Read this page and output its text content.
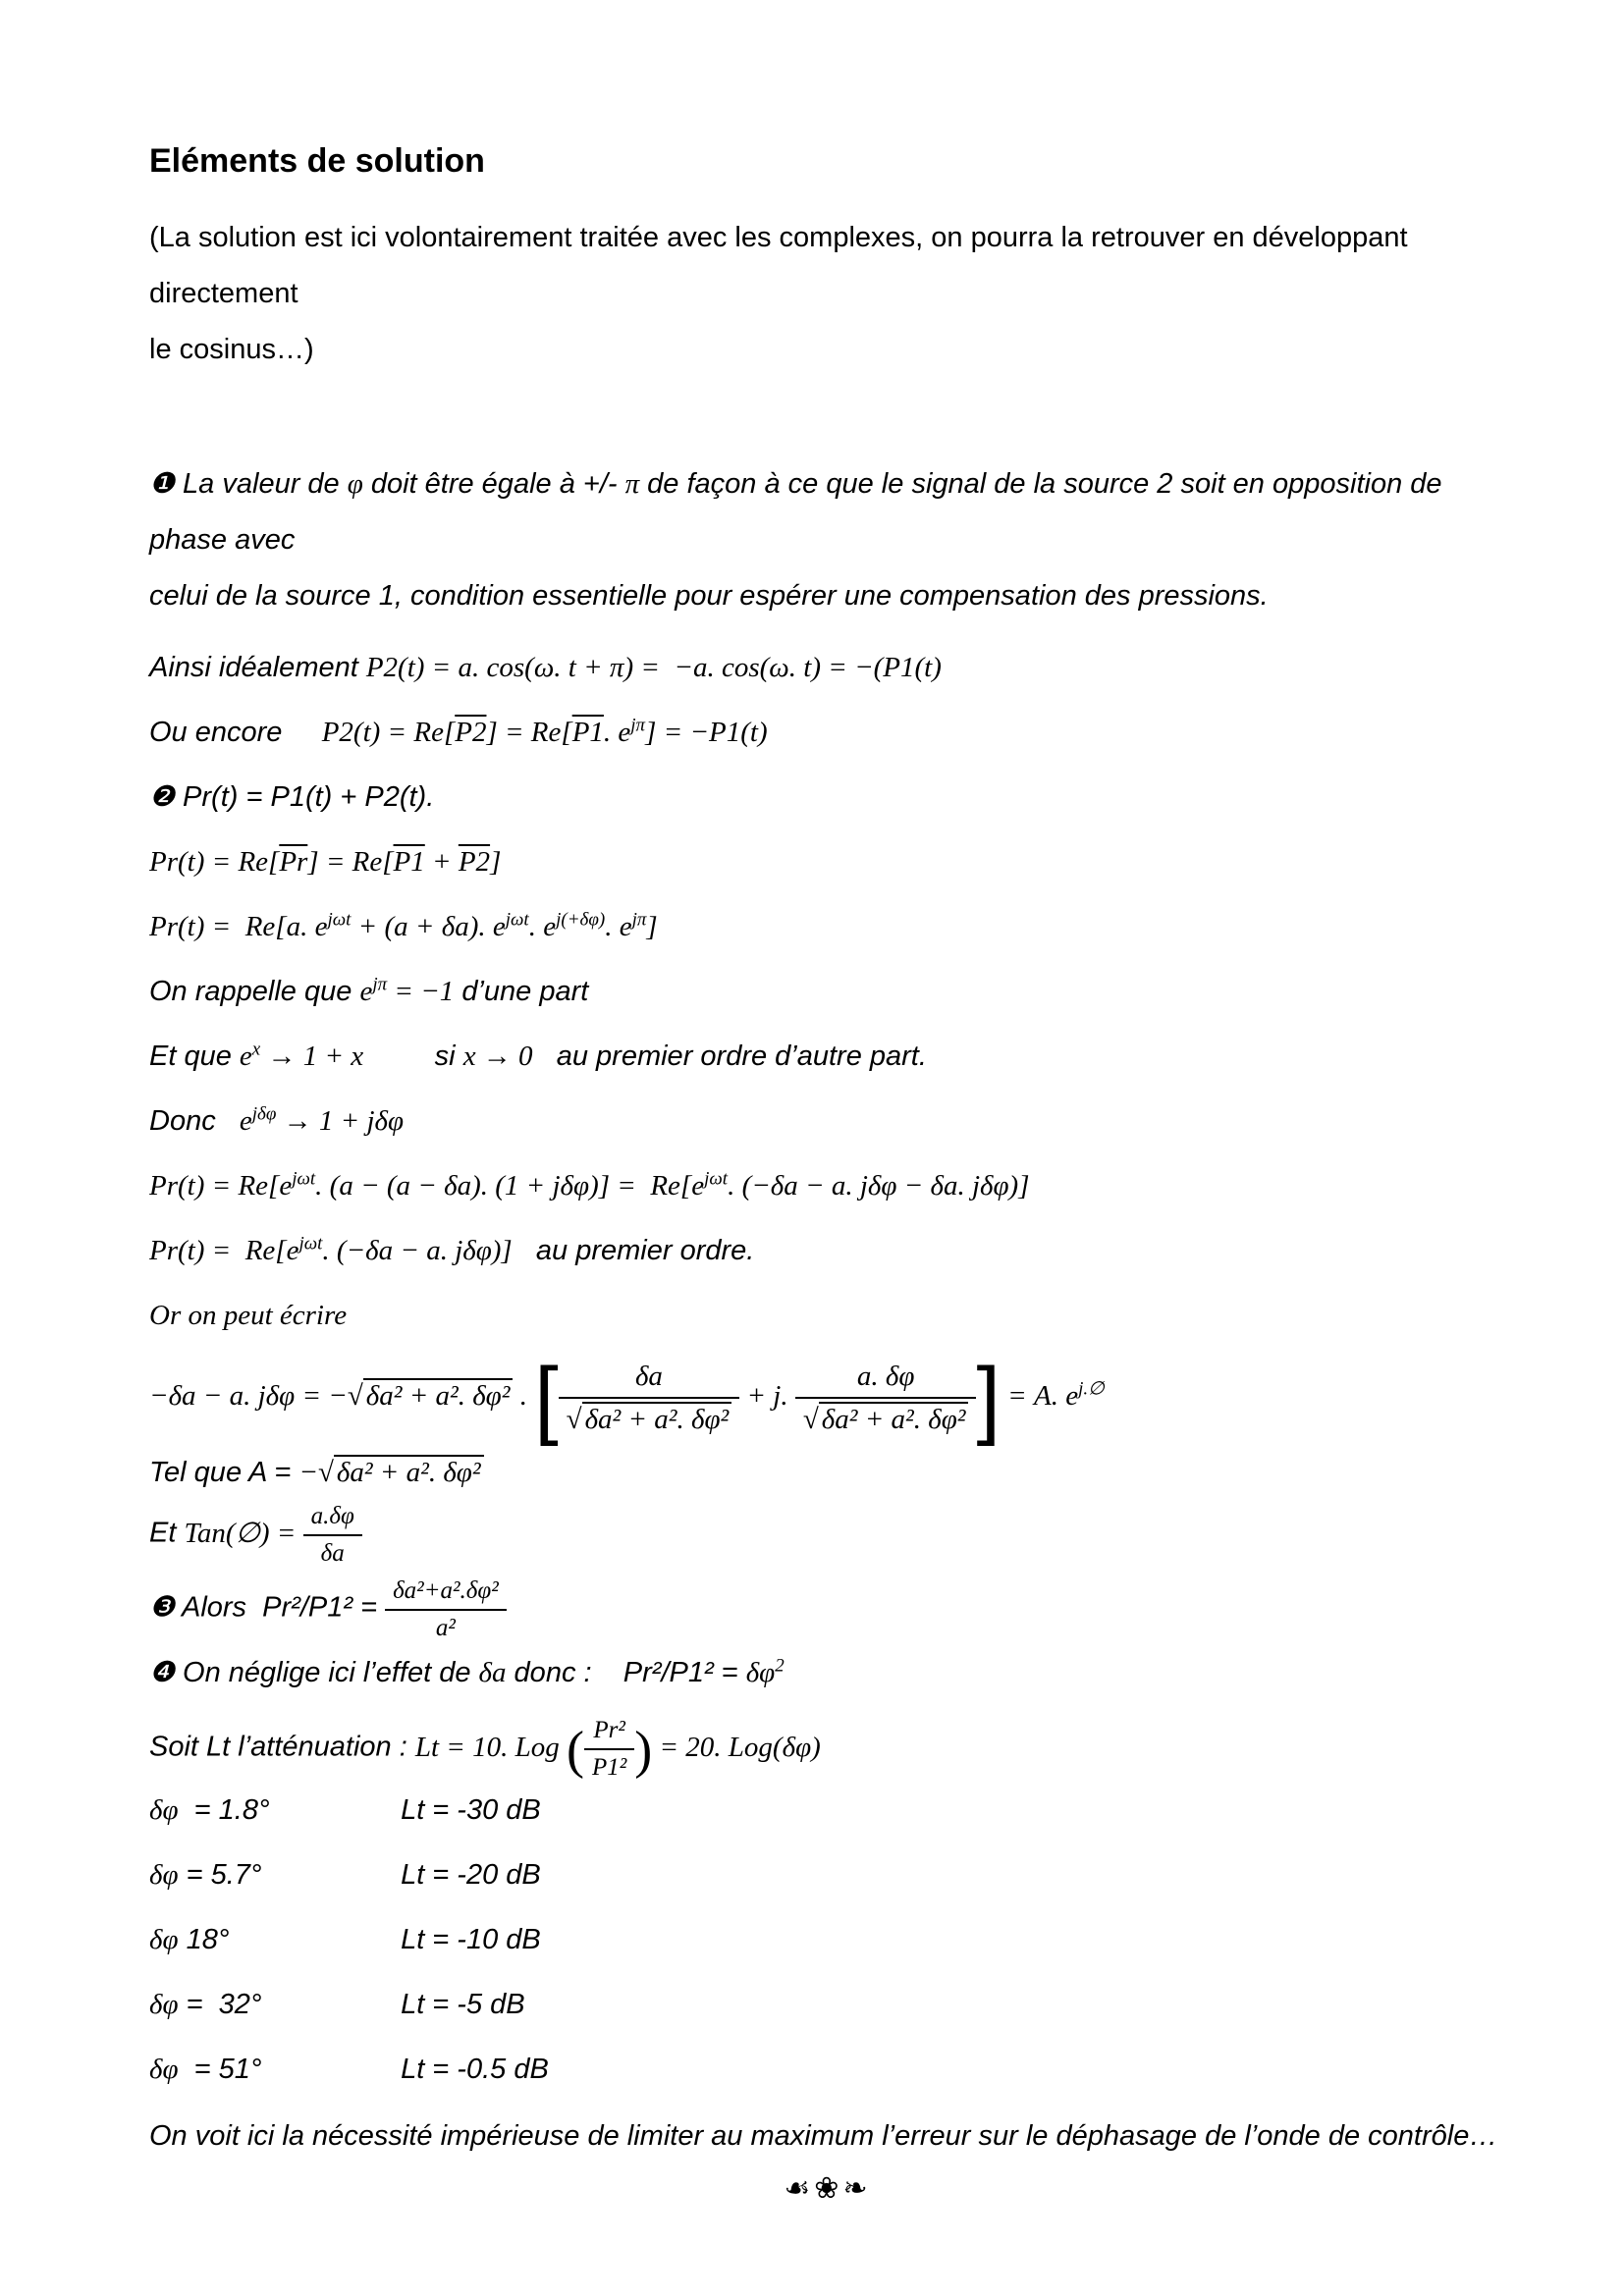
Eléments de solution

(La solution est ici volontairement traitée avec les complexes, on pourra la retrouver en développant directement
le cosinus…)

❶ La valeur de φ doit être égale à +/- π de façon à ce que le signal de la source 2 soit en opposition de phase avec
celui de la source 1, condition essentielle pour espérer une compensation des pressions.
Ainsi idéalement P2(t) = a. cos(ω. t + π) =  −a. cos(ω. t) = −(P1(t)
Ou encore     P2(t) = Re[P2] = Re[P1. $e^{j\pi}] = -P1(t)$
❷ Pr(t) = P1(t) + P2(t).
$Pr(t) = Re[\overline{Pr}] = Re[P1 + P2]$
Pr(t) =  Re[a. $e^{j\omega t} + (a + \delta a)$. $e^{j\omega t}$. $e^{j(+\delta\varphi)}$. $e^{j\pi}$]
On rappelle que $e^{j\pi} = -1$ d’une part
Et que $e^x \to 1 + x$         si x → 0   au premier ordre d’autre part.
Donc   $e^{j\delta\varphi} \to 1 + j\delta\varphi$
$Pr(t) = Re[e^{j\omega t}$. (a − (a − δa). $(1 + j\delta\varphi)] = Re[e^{j\omega t}$. (−δa − a. jδφ − δa. jδφ)]
$Pr(t) = Re[e^{j\omega t}$. (−δa − a. jδφ)]   au premier ordre.
Or on peut écrire
−δa − a. jδφ = −√ δa² + a². δφ² . [ $\frac{\delta a}{\text{√ δa² + a². δφ²}} + j$. $\frac{a. \delta\varphi}{\text{√ δa² + a². δφ²}}$ ] = A. $e^{j.\emptyset}$
Tel que A = −√ δa² + a². δφ²
Et Tan(∅) = $\frac{a.\delta\varphi}{\delta a}$
❸ Alors  $Pr^2/P1^2 = \frac{\text{δa²+a².δφ²}}{\text{a²}}$
❹ On néglige ici l’effet de δa donc :    $Pr^2/P1^2 = \delta\varphi^2$
Soit Lt l’atténuation : Lt = 10. Log ( $\frac{\text{Pr²}}{\text{P1²}}$ ) = 20. Log(δφ)
δφ  = 1.8°	Lt = -30 dB
δφ = 5.7°	Lt = -20 dB
δφ 18°	Lt = -10 dB
δφ =  32°	Lt = -5 dB
δφ  = 51°	Lt = -0.5 dB
On voit ici la nécessité impérieuse de limiter au maximum l’erreur sur le déphasage de l’onde de contrôle…
☙❀❧
